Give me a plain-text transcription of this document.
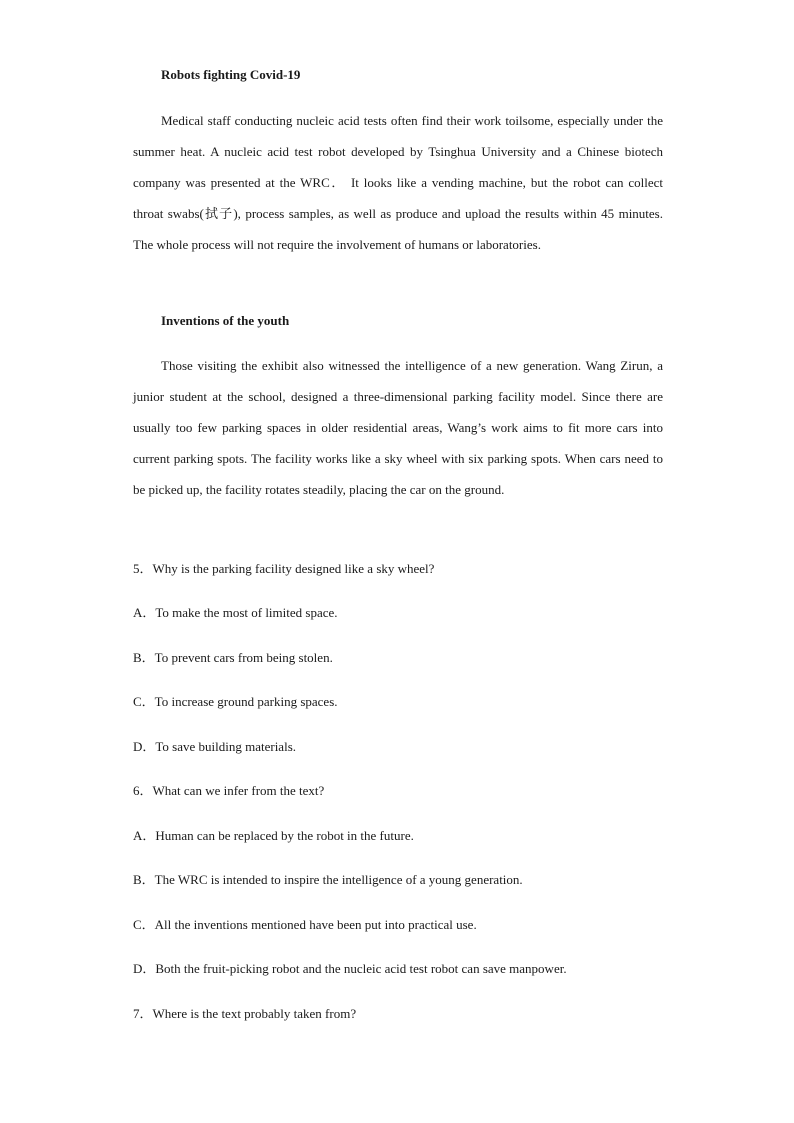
Robots fighting Covid-19

Medical staff conducting nucleic acid tests often find their work toilsome, especially under the summer heat. A nucleic acid test robot developed by Tsinghua University and a Chinese biotech company was presented at the WRC． It looks like a vending machine, but the robot can collect throat swabs(拭子), process samples, as well as produce and upload the results within 45 minutes. The whole process will not require the involvement of humans or laboratories.

Inventions of the youth

Those visiting the exhibit also witnessed the intelligence of a new generation. Wang Zirun, a junior student at the school, designed a three-dimensional parking facility model. Since there are usually too few parking spaces in older residential areas, Wang’s work aims to fit more cars into current parking spots. The facility works like a sky wheel with six parking spots. When cars need to be picked up, the facility rotates steadily, placing the car on the ground.

5．Why is the parking facility designed like a sky wheel?
A．To make the most of limited space.
B．To prevent cars from being stolen.
C．To increase ground parking spaces.
D．To save building materials.
6．What can we infer from the text?
A．Human can be replaced by the robot in the future.
B．The WRC is intended to inspire the intelligence of a young generation.
C．All the inventions mentioned have been put into practical use.
D．Both the fruit-picking robot and the nucleic acid test robot can save manpower.
7．Where is the text probably taken from?
